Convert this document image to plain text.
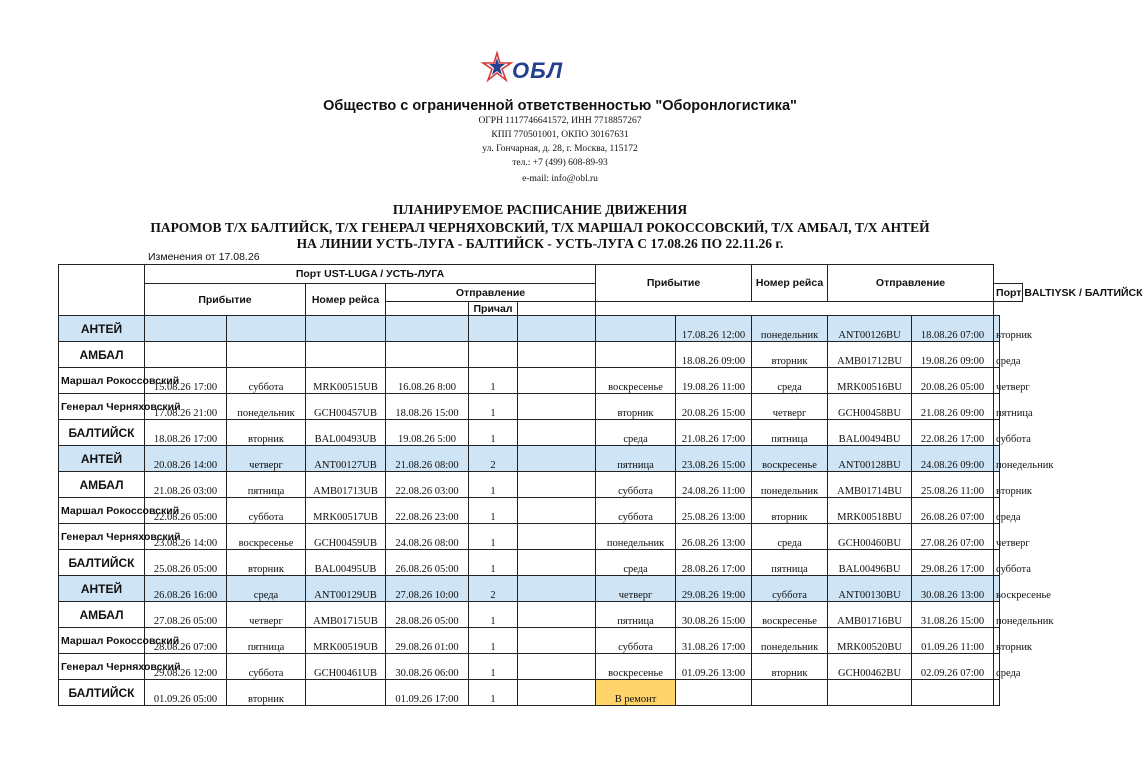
ОБЛ
Общество с ограниченной ответственностью "Оборонлогистика"
ОГРН 1117746641572, ИНН 7718857267
КПП 770501001, ОКПО 30167631
ул. Гончарная, д. 28, г. Москва, 115172
тел.: +7 (499) 608-89-93
e-mail: info@obl.ru
ПЛАНИРУЕМОЕ РАСПИСАНИЕ ДВИЖЕНИЯ
ПАРОМОВ Т/Х БАЛТИЙСК, Т/Х ГЕНЕРАЛ ЧЕРНЯХОВСКИЙ, Т/Х МАРШАЛ РОКОССОВСКИЙ, Т/Х АМБАЛ, Т/Х АНТЕЙ
НА ЛИНИИ УСТЬ-ЛУГА - БАЛТИЙСК - УСТЬ-ЛУГА С 17.08.26 ПО 22.11.26 г.
Изменения от 17.08.26
	Порт UST-LUGA / УСТЬ-ЛУГА						Прибытие		Номер рейса	Отправление		
	Прибытие		Номер рейса	Отправление								Порт BALTIYSK / БАЛТИЙСК
					Причал							
АНТЕЙ								17.08.26 12:00	понедельник	ANT00126BU	18.08.26 07:00	вторник
АМБАЛ								18.08.26 09:00	вторник	AMB01712BU	19.08.26 09:00	среда
Маршал Рокоссовский	15.08.26 17:00	суббота	MRK00515UB	16.08.26 8:00	1		воскресенье	19.08.26 11:00	среда	MRK00516BU	20.08.26 05:00	четверг
Генерал Черняховский	17.08.26 21:00	понедельник	GCH00457UB	18.08.26 15:00	1		вторник	20.08.26 15:00	четверг	GCH00458BU	21.08.26 09:00	пятница
БАЛТИЙСК	18.08.26 17:00	вторник	BAL00493UB	19.08.26 5:00	1		среда	21.08.26 17:00	пятница	BAL00494BU	22.08.26 17:00	суббота
АНТЕЙ	20.08.26 14:00	четверг	ANT00127UB	21.08.26 08:00	2		пятница	23.08.26 15:00	воскресенье	ANT00128BU	24.08.26 09:00	понедельник
АМБАЛ	21.08.26 03:00	пятница	AMB01713UB	22.08.26 03:00	1		суббота	24.08.26 11:00	понедельник	AMB01714BU	25.08.26 11:00	вторник
Маршал Рокоссовский	22.08.26 05:00	суббота	MRK00517UB	22.08.26 23:00	1		суббота	25.08.26 13:00	вторник	MRK00518BU	26.08.26 07:00	среда
Генерал Черняховский	23.08.26 14:00	воскресенье	GCH00459UB	24.08.26 08:00	1		понедельник	26.08.26 13:00	среда	GCH00460BU	27.08.26 07:00	четверг
БАЛТИЙСК	25.08.26 05:00	вторник	BAL00495UB	26.08.26 05:00	1		среда	28.08.26 17:00	пятница	BAL00496BU	29.08.26 17:00	суббота
АНТЕЙ	26.08.26 16:00	среда	ANT00129UB	27.08.26 10:00	2		четверг	29.08.26 19:00	суббота	ANT00130BU	30.08.26 13:00	воскресенье
АМБАЛ	27.08.26 05:00	четверг	AMB01715UB	28.08.26 05:00	1		пятница	30.08.26 15:00	воскресенье	AMB01716BU	31.08.26 15:00	понедельник
Маршал Рокоссовский	28.08.26 07:00	пятница	MRK00519UB	29.08.26 01:00	1		суббота	31.08.26 17:00	понедельник	MRK00520BU	01.09.26 11:00	вторник
Генерал Черняховский	29.08.26 12:00	суббота	GCH00461UB	30.08.26 06:00	1		воскресенье	01.09.26 13:00	вторник	GCH00462BU	02.09.26 07:00	среда
БАЛТИЙСК	01.09.26 05:00	вторник		01.09.26 17:00	1		В ремонт					
